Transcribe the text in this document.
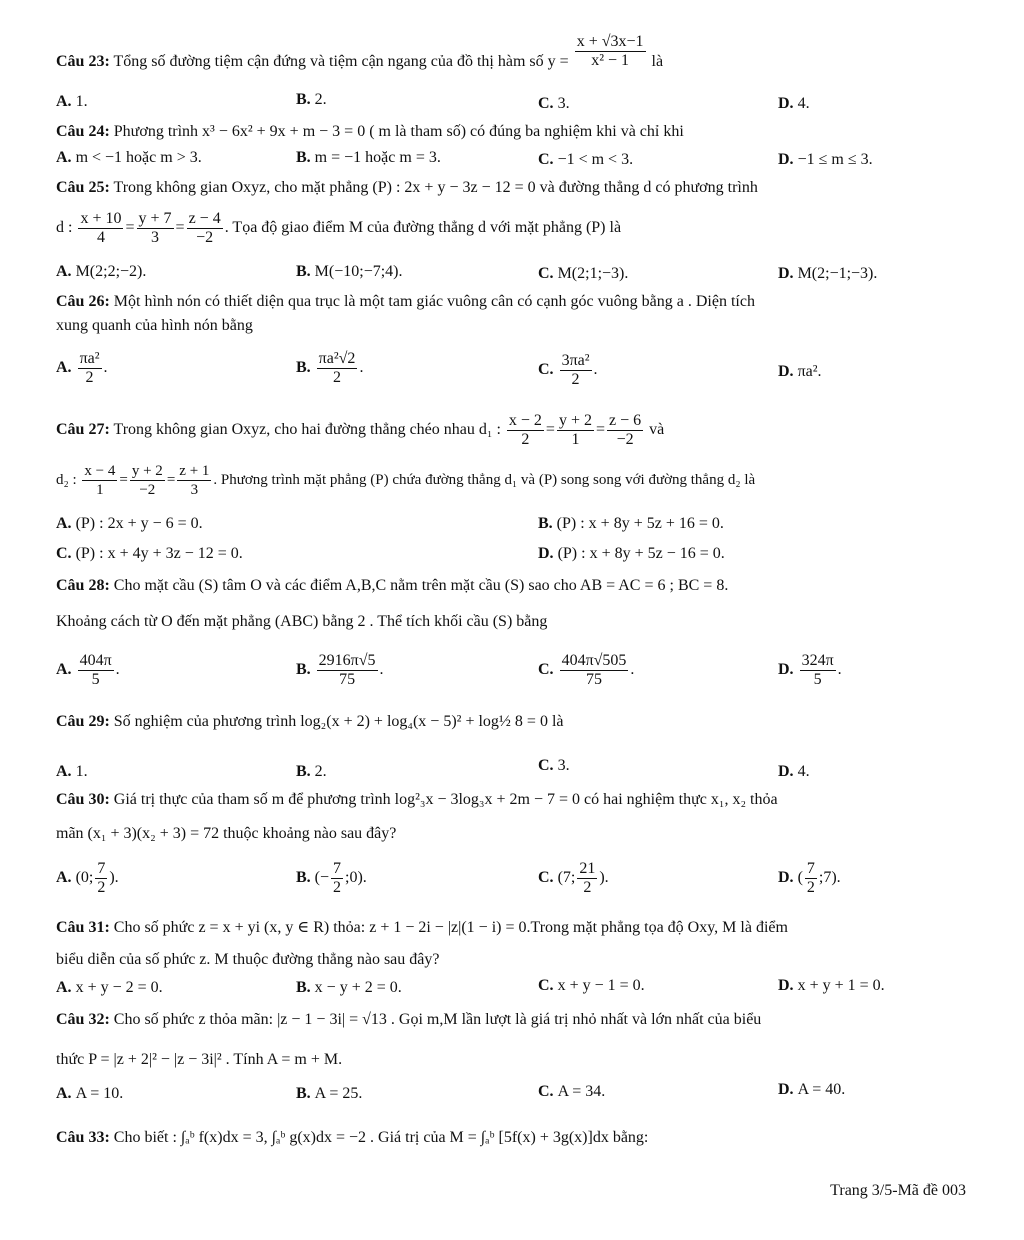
Câu 23: Tổng số đường tiệm cận đứng và tiệm cận ngang của đồ thị hàm số $y = \frac{x + √3x-1}{\text{x² − 1}}$ là
A. 1.	B. 2.	C. 3.	D. 4.
Câu 24: Phương trình x³ − 6x² + 9x + m − 3 = 0 ( m là tham số) có đúng ba nghiệm khi và chỉ khi
A. m < −1 hoặc m > 3.	B. m = −1 hoặc m = 3.	C. −1 < m < 3.	D. −1 ≤ m ≤ 3.
Câu 25: Trong không gian Oxyz, cho mặt phẳng (P) : 2x + y − 3z − 12 = 0 và đường thẳng d có phương trình
d : $\frac{x + 10}{4} = \frac{y + 7}{3} = \frac{z - 4}{-2}$ . Tọa độ giao điểm M của đường thẳng d với mặt phẳng (P) là
A. M(2;2;−2).	B. M(−10;−7;4).	C. M(2;1;−3).	D. M(2;−1;−3).
Câu 26: Một hình nón có thiết diện qua trục là một tam giác vuông cân có cạnh góc vuông bằng a . Diện tích
xung quanh của hình nón bằng
A. $\frac{\text{πa²}}{2}$ .	B. $\frac{\text{πa²√2}}{2}$ .	C. $\frac{\text{3πa²}}{2}$ .	D. πa².
Câu 27: Trong không gian Oxyz, cho hai đường thẳng chéo nhau d₁ : $\frac{x - 2}{2} = \frac{y + 2}{1} = \frac{z - 6}{-2}$ và
d₂ : $\frac{x - 4}{1} = \frac{y + 2}{-2} = \frac{z + 1}{3}$ . Phương trình mặt phẳng (P) chứa đường thẳng d₁ và (P) song song với đường thẳng d₂ là
A. (P) : 2x + y − 6 = 0.	B. (P) : x + 8y + 5z + 16 = 0.
C. (P) : x + 4y + 3z − 12 = 0.	D. (P) : x + 8y + 5z − 16 = 0.
Câu 28: Cho mặt cầu (S) tâm O và các điểm A,B,C nằm trên mặt cầu (S) sao cho AB = AC = 6 ; BC = 8.
Khoảng cách từ O đến mặt phẳng (ABC) bằng 2 . Thể tích khối cầu (S) bằng
A. $\frac{404\pi}{5}$ .	B. $\frac{2916\pi√5}{75}$ .	C. $\frac{404\pi√505}{75}$ .	D. $\frac{324\pi}{5}$ .
Câu 29: Số nghiệm của phương trình log₂(x + 2) + log₄(x − 5)² + log½ 8 = 0 là
A. 1.	B. 2.	C. 3.	D. 4.
Câu 30: Giá trị thực của tham số m để phương trình log²₃x − 3log₃x + 2m − 7 = 0 có hai nghiệm thực x₁, x₂ thỏa
mãn (x₁ + 3)(x₂ + 3) = 72 thuộc khoảng nào sau đây?
A. (0; $\frac{7}{2}$ ).	B. (− $\frac{7}{2}$ ;0).	C. (7; $\frac{21}{2}$ ).	D. ( $\frac{7}{2}$ ;7).
Câu 31: Cho số phức z = x + yi (x, y ∈ R) thỏa: z + 1 − 2i − |z|(1 − i) = 0.Trong mặt phẳng tọa độ Oxy, M là điểm
biểu diễn của số phức z. M thuộc đường thẳng nào sau đây?
A. x + y − 2 = 0.	B. x − y + 2 = 0.	C. x + y − 1 = 0.	D. x + y + 1 = 0.
Câu 32: Cho số phức z thỏa mãn: |z − 1 − 3i| = √13 . Gọi m,M lần lượt là giá trị nhỏ nhất và lớn nhất của biểu
thức P = |z + 2|² − |z − 3i|² . Tính A = m + M.
A. A = 10.	B. A = 25.	C. A = 34.	D. A = 40.
Câu 33: Cho biết : ∫ₐᵇ f(x)dx = 3, ∫ₐᵇ g(x)dx = −2 . Giá trị của M = ∫ₐᵇ [5f(x) + 3g(x)]dx bằng:
Trang 3/5-Mã đề 003
